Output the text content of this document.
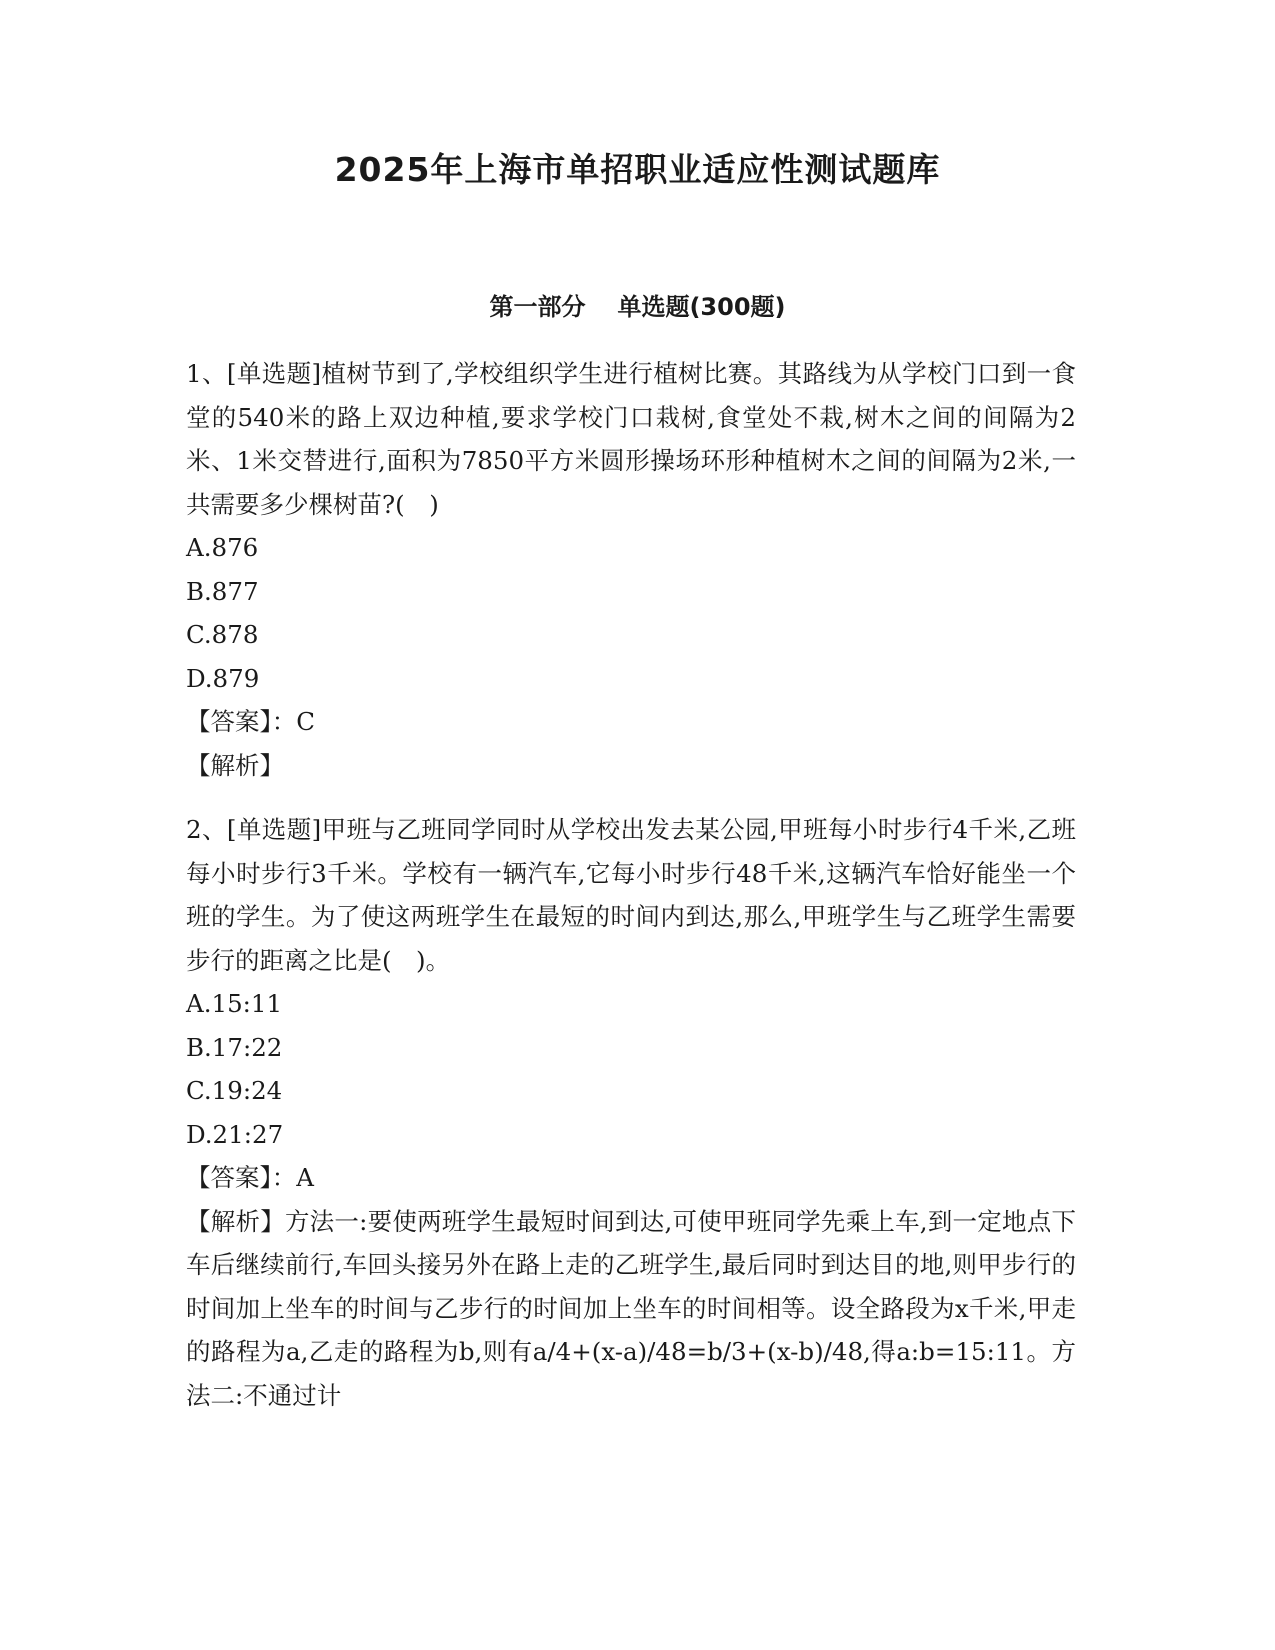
2025年上海市单招职业适应性测试题库
第一部分 单选题(300题)

1、[单选题]植树节到了,学校组织学生进行植树比赛。其路线为从学校门口到一食堂的540米的路上双边种植,要求学校门口栽树,食堂处不栽,树木之间的间隔为2米、1米交替进行,面积为7850平方米圆形操场环形种植树木之间的间隔为2米,一共需要多少棵树苗?(　)

A.876

B.877

C.878

D.879

【答案】：C

【解析】

2、[单选题]甲班与乙班同学同时从学校出发去某公园,甲班每小时步行4千米,乙班每小时步行3千米。学校有一辆汽车,它每小时步行48千米,这辆汽车恰好能坐一个班的学生。为了使这两班学生在最短的时间内到达,那么,甲班学生与乙班学生需要步行的距离之比是(　)。

A.15:11

B.17:22

C.19:24

D.21:27

【答案】：A

【解析】方法一:要使两班学生最短时间到达,可使甲班同学先乘上车,到一定地点下车后继续前行,车回头接另外在路上走的乙班学生,最后同时到达目的地,则甲步行的时间加上坐车的时间与乙步行的时间加上坐车的时间相等。设全路段为x千米,甲走的路程为a,乙走的路程为b,则有a/4+(x-a)/48=b/3+(x-b)/48,得a:b=15:11。方法二:不通过计
